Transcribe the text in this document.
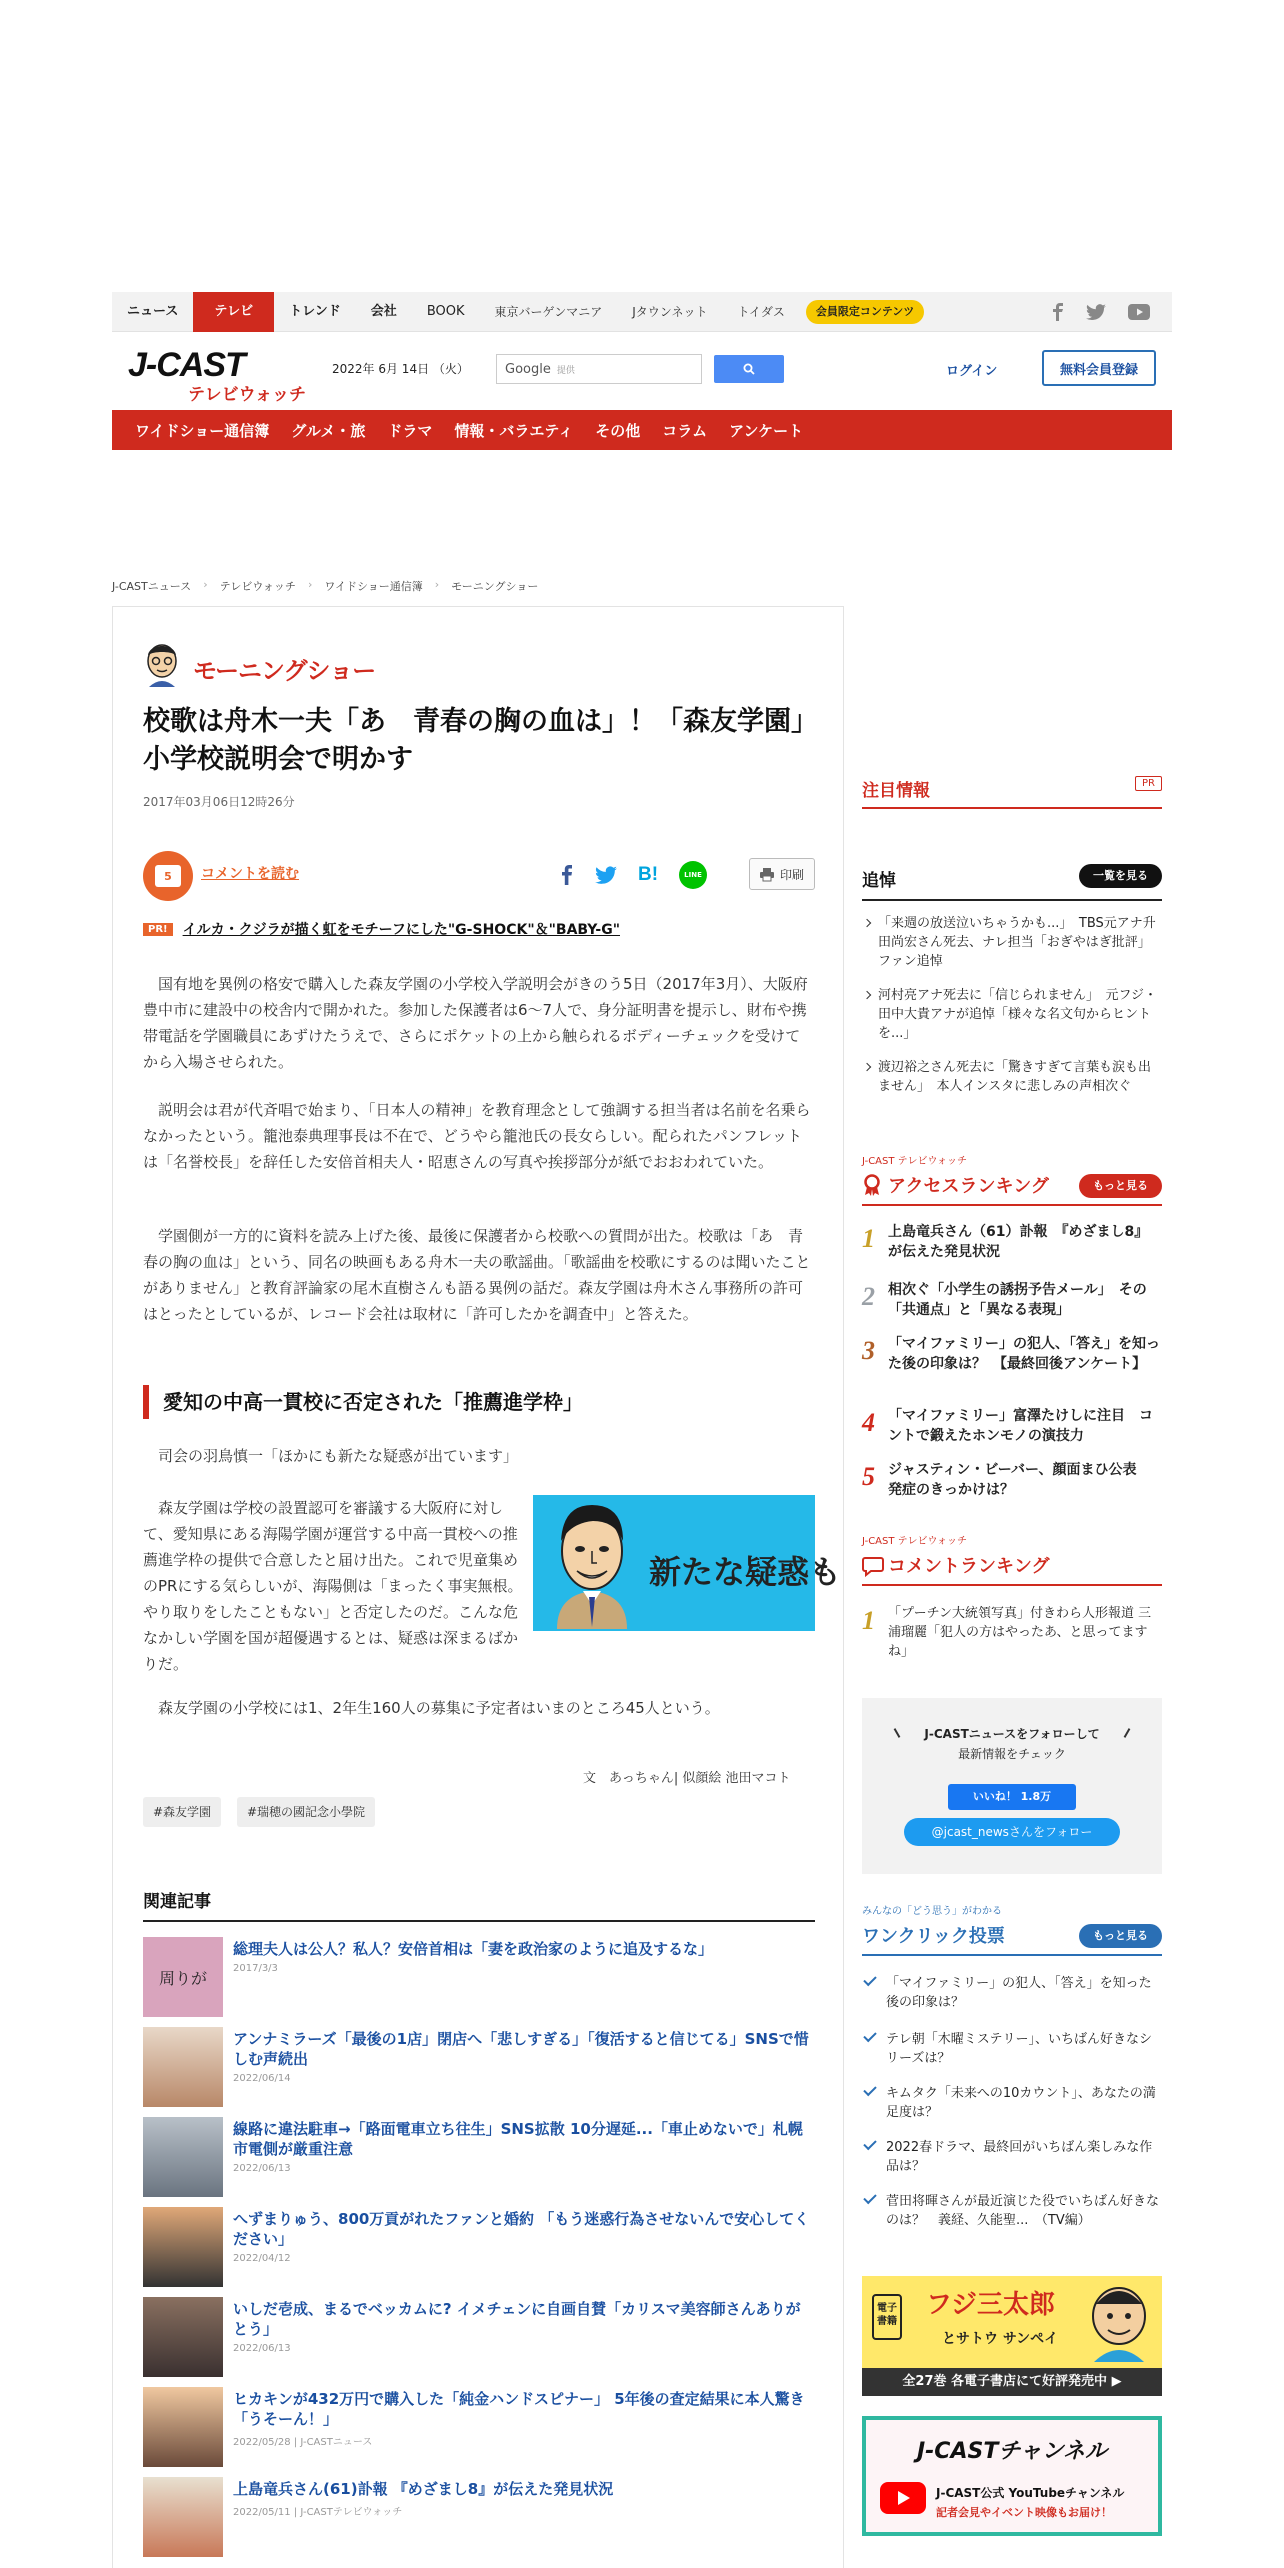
ニュース	テレビ	トレンド	会社	BOOK	東京バーゲンマニア	Jタウンネット	トイダス	会員限定コンテンツ
J-CAST
テレビウォッチ
2022年 6月 14日 （火）	Google 提供	ログイン	無料会員登録
ワイドショー通信簿	グルメ・旅	ドラマ	情報・バラエティ	その他	コラム	アンケート
J-CASTニュース › テレビウォッチ › ワイドショー通信簿 › モーニングショー
モーニングショー
校歌は舟木一夫「あ　青春の胸の血は」！「森友学園」小学校説明会で明かす
2017年03月06日12時26分
5	コメントを読む	B!	LINE	印刷
PR!	イルカ・クジラが描く虹をモチーフにした"G-SHOCK"＆"BABY-G"

国有地を異例の格安で購入した森友学園の小学校入学説明会がきのう5日（2017年3月）、大阪府豊中市に建設中の校舎内で開かれた。参加した保護者は6～7人で、身分証明書を提示し、財布や携帯電話を学園職員にあずけたうえで、さらにポケットの上から触られるボディーチェックを受けてから入場させられた。

説明会は君が代斉唱で始まり、「日本人の精神」を教育理念として強調する担当者は名前を名乗らなかったという。籠池泰典理事長は不在で、どうやら籠池氏の長女らしい。配られたパンフレットは「名誉校長」を辞任した安倍首相夫人・昭恵さんの写真や挨拶部分が紙でおおわれていた。

学園側が一方的に資料を読み上げた後、最後に保護者から校歌への質問が出た。校歌は「あ　青春の胸の血は」という、同名の映画もある舟木一夫の歌謡曲。「歌謡曲を校歌にするのは聞いたことがありません」と教育評論家の尾木直樹さんも語る異例の話だ。森友学園は舟木さん事務所の許可はとったとしているが、レコード会社は取材に「許可したかを調査中」と答えた。

愛知の中高一貫校に否定された「推薦進学枠」

司会の羽鳥慎一「ほかにも新たな疑惑が出ています」

森友学園は学校の設置認可を審議する大阪府に対して、愛知県にある海陽学園が運営する中高一貫校への推薦進学枠の提供で合意したと届け出た。これで児童集めのPRにする気らしいが、海陽側は「まったく事実無根。やり取りをしたこともない」と否定したのだ。こんな危なかしい学園を国が超優遇するとは、疑惑は深まるばかりだ。

新たな疑惑も

森友学園の小学校には1、2年生160人の募集に予定者はいまのところ45人という。

文　あっちゃん| 似顔絵 池田マコト
#森友学園	#瑞穂の國記念小學院
関連記事
周りが
総理夫人は公人？私人？安倍首相は「妻を政治家のように追及するな」
2017/3/3
アンナミラーズ「最後の1店」閉店へ「悲しすぎる」「復活すると信じてる」SNSで惜しむ声続出
2022/06/14
線路に違法駐車→「路面電車立ち往生」SNS拡散 10分遅延...「車止めないで」札幌市電側が厳重注意
2022/06/13
へずまりゅう、800万貢がれたファンと婚約 「もう迷惑行為させないんで安心してください」
2022/04/12
いしだ壱成、まるでベッカムに? イメチェンに自画自賛「カリスマ美容師さんありがとう」
2022/06/13
ヒカキンが432万円で購入した「純金ハンドスピナー」 5年後の査定結果に本人驚き「うそーん！」
2022/05/28 | J-CASTニュース
上島竜兵さん(61)訃報 『めざまし8』が伝えた発見状況
2022/05/11 | J-CASTテレビウォッチ
注目情報	PR
追悼	一覧を見る
「来週の放送泣いちゃうかも...」　TBS元アナ升田尚宏さん死去、ナレ担当「おぎやはぎ批評」ファン追悼
河村亮アナ死去に「信じられません」　元フジ・田中大貴アナが追悼「様々な名文句からヒントを...」
渡辺裕之さん死去に「驚きすぎて言葉も涙も出ません」　本人インスタに悲しみの声相次ぐ
J-CAST テレビウォッチ
アクセスランキング	もっと見る
1 上島竜兵さん（61）訃報　『めざまし8』が伝えた発見状況
2 相次ぐ「小学生の誘拐予告メール」　その「共通点」と「異なる表現」
3 「マイファミリー」の犯人、「答え」を知った後の印象は？　【最終回後アンケート】
4 「マイファミリー」富澤たけしに注目　コントで鍛えたホンモノの演技力
5 ジャスティン・ビーバー、顔面まひ公表　発症のきっかけは？
J-CAST テレビウォッチ
コメントランキング
1 「プーチン大統領写真」付きわら人形報道 三浦瑠麗「犯人の方はやったあ、と思ってますね」
J-CASTニュースをフォローして
最新情報をチェック
いいね！ 1.8万
@jcast_newsさんをフォロー
みんなの「どう思う」がわかる
ワンクリック投票	もっと見る
「マイファミリー」の犯人、「答え」を知った後の印象は？
テレ朝「木曜ミステリー」、いちばん好きなシリーズは？
キムタク「未来への10カウント」、あなたの満足度は？
2022春ドラマ、最終回がいちばん楽しみな作品は？
菅田将暉さんが最近演じた役でいちばん好きなのは？　義経、久能聖...　（TV編）
電子書籍
フジ三太郎
とサトウ サンペイ
全27巻 各電子書店にて好評発売中 ▶
J-CASTチャンネル
J-CAST公式 YouTubeチャンネル
記者会見やイベント映像もお届け！
